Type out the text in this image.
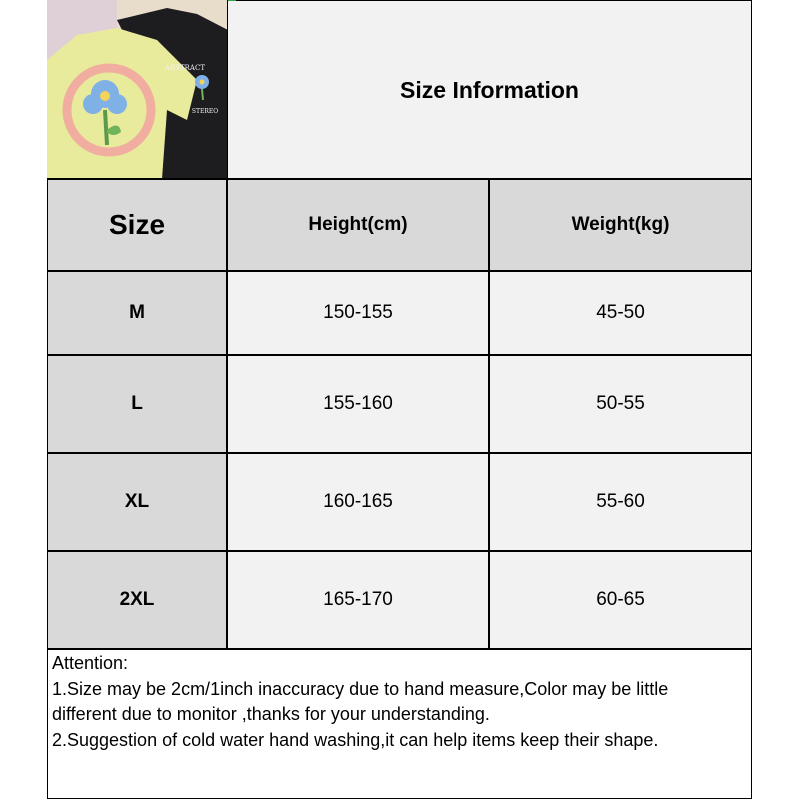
ABSTRACT
STEREO
Size Information
Size	Height(cm)	Weight(kg)
M	150-155	45-50
L	155-160	50-55
XL	160-165	55-60
2XL	165-170	60-65
Attention:
1.Size may be 2cm/1inch inaccuracy due to hand measure,Color may be little
different due to monitor ,thanks for your understanding.
2.Suggestion of cold water hand washing,it can help items keep their shape.
